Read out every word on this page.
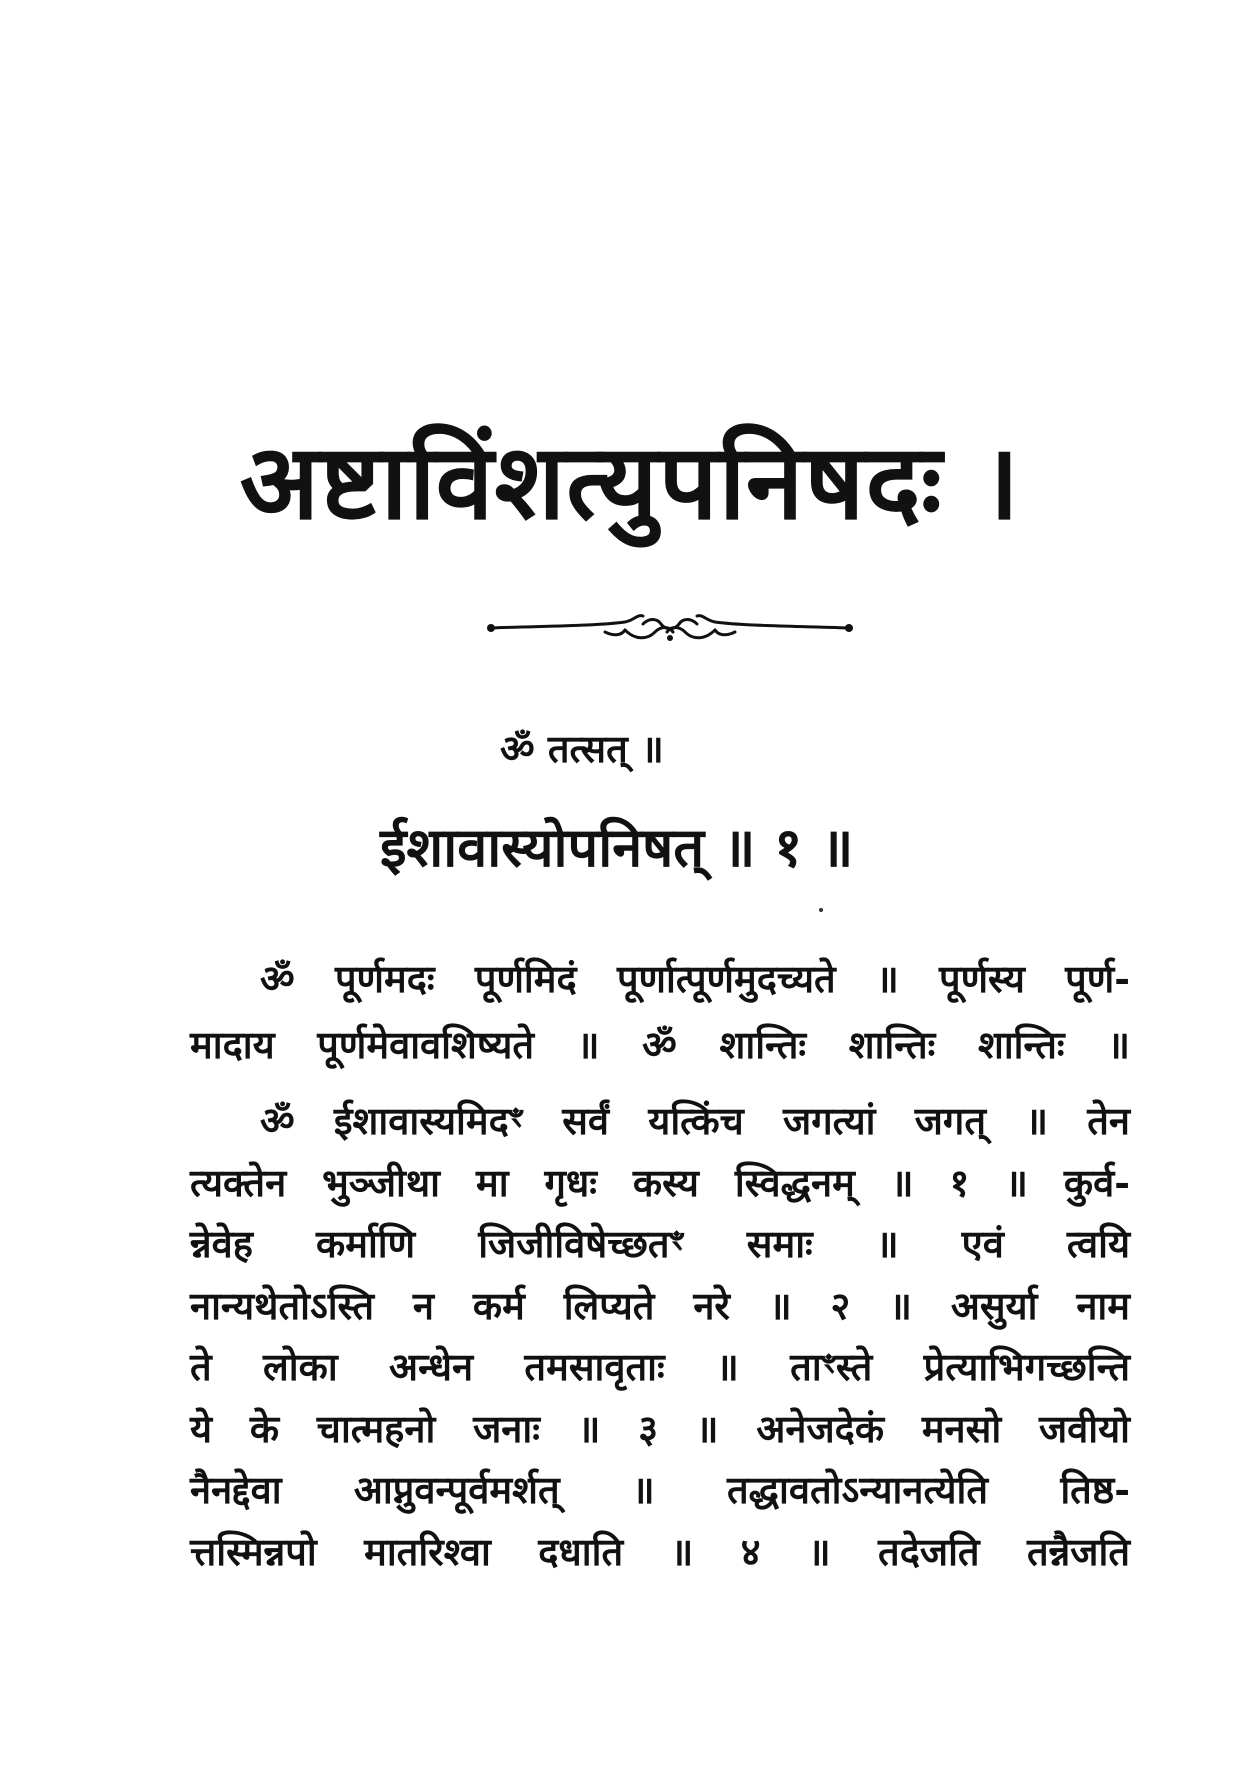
अष्टाविंशत्युपनिषदः ।
ॐ तत्सत् ॥
ईशावास्योपनिषत् ॥ १ ॥
ॐ पूर्णमदः पूर्णमिदं पूर्णात्पूर्णमुदच्यते ॥ पूर्णस्य पूर्ण-
मादाय पूर्णमेवावशिष्यते ॥ ॐ शान्तिः शान्तिः शान्तिः ॥
ॐ ईशावास्यमिदꣳ सर्वं यत्किंच जगत्यां जगत् ॥ तेन
त्यक्तेन भुञ्जीथा मा गृधः कस्य स्विद्धनम् ॥ १ ॥ कुर्व-
न्नेवेह कर्माणि जिजीविषेच्छतꣳ समाः ॥ एवं त्वयि
नान्यथेतोऽस्ति न कर्म लिप्यते नरे ॥ २ ॥ असुर्या नाम
ते लोका अन्धेन तमसावृताः ॥ ताꣳस्ते प्रेत्याभिगच्छन्ति
ये के चात्महनो जनाः ॥ ३ ॥ अनेजदेकं मनसो जवीयो
नैनद्देवा आप्नुवन्पूर्वमर्शत् ॥ तद्धावतोऽन्यानत्येति तिष्ठ-
त्तस्मिन्नपो मातरिश्वा दधाति ॥ ४ ॥ तदेजति तन्नैजति
